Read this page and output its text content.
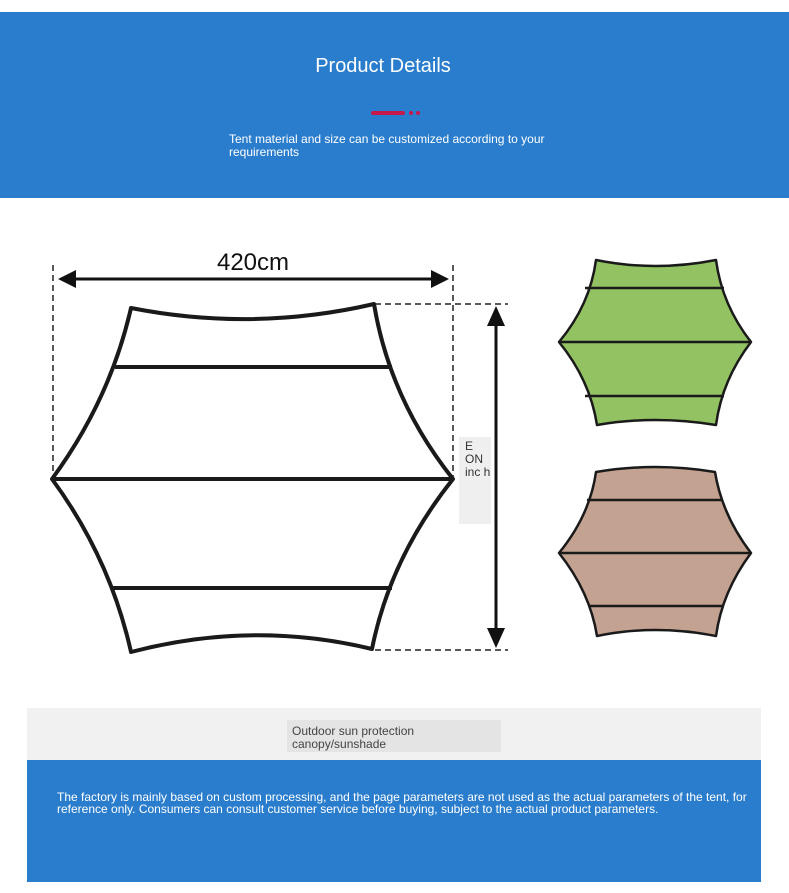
Product Details
Tent material and size can be customized according to your requirements
420cm
E ON inc h
Outdoor sun protection canopy/sunshade
The factory is mainly based on custom processing, and the page parameters are not used as the actual parameters of the tent, for reference only. Consumers can consult customer service before buying, subject to the actual product parameters.
